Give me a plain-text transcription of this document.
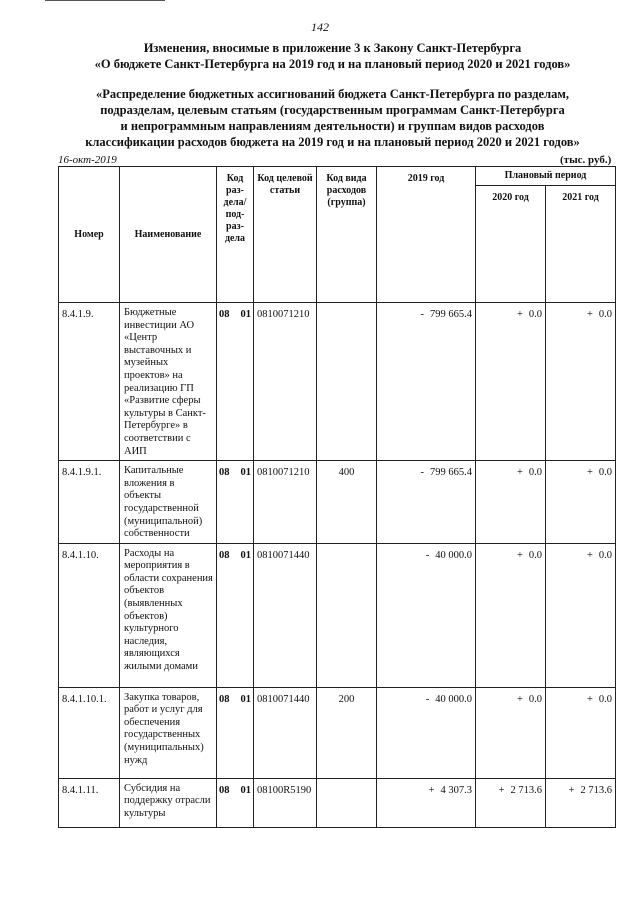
142
Изменения, вносимые в приложение 3 к Закону Санкт-Петербурга
«О бюджете Санкт-Петербурга на 2019 год и на плановый период 2020 и 2021 годов»
«Распределение бюджетных ассигнований бюджета Санкт-Петербурга по разделам,
подразделам, целевым статьям (государственным программам Санкт-Петербурга
и непрограммным направлениям деятельности) и группам видов расходов
классификации расходов бюджета на 2019 год и на плановый период 2020 и 2021 годов»
16-окт-2019	(тыс. руб.)
Номер	Наименование	Код раз-дела/ под-раз-дела	Код целевой статьи	Код вида расходов (группа)	2019 год	Плановый период	
						2020 год	2021 год
8.4.1.9.	Бюджетные инвестиции АО «Центр выставочных и музейных проектов» на реализацию ГП «Развитие сферы культуры в Санкт-Петербурге» в соответствии с АИП	08 01	0810071210		- 799 665.4	+ 0.0	+ 0.0
8.4.1.9.1.	Капитальные вложения в объекты государственной (муниципальной) собственности	08 01	0810071210	400	- 799 665.4	+ 0.0	+ 0.0
8.4.1.10.	Расходы на мероприятия в области сохранения объектов (выявленных объектов) культурного наследия, являющихся жилыми домами	08 01	0810071440		- 40 000.0	+ 0.0	+ 0.0
8.4.1.10.1.	Закупка товаров, работ и услуг для обеспечения государственных (муниципальных) нужд	08 01	0810071440	200	- 40 000.0	+ 0.0	+ 0.0
8.4.1.11.	Субсидия на поддержку отрасли культуры	08 01	08100R5190		+ 4 307.3	+ 2 713.6	+ 2 713.6
